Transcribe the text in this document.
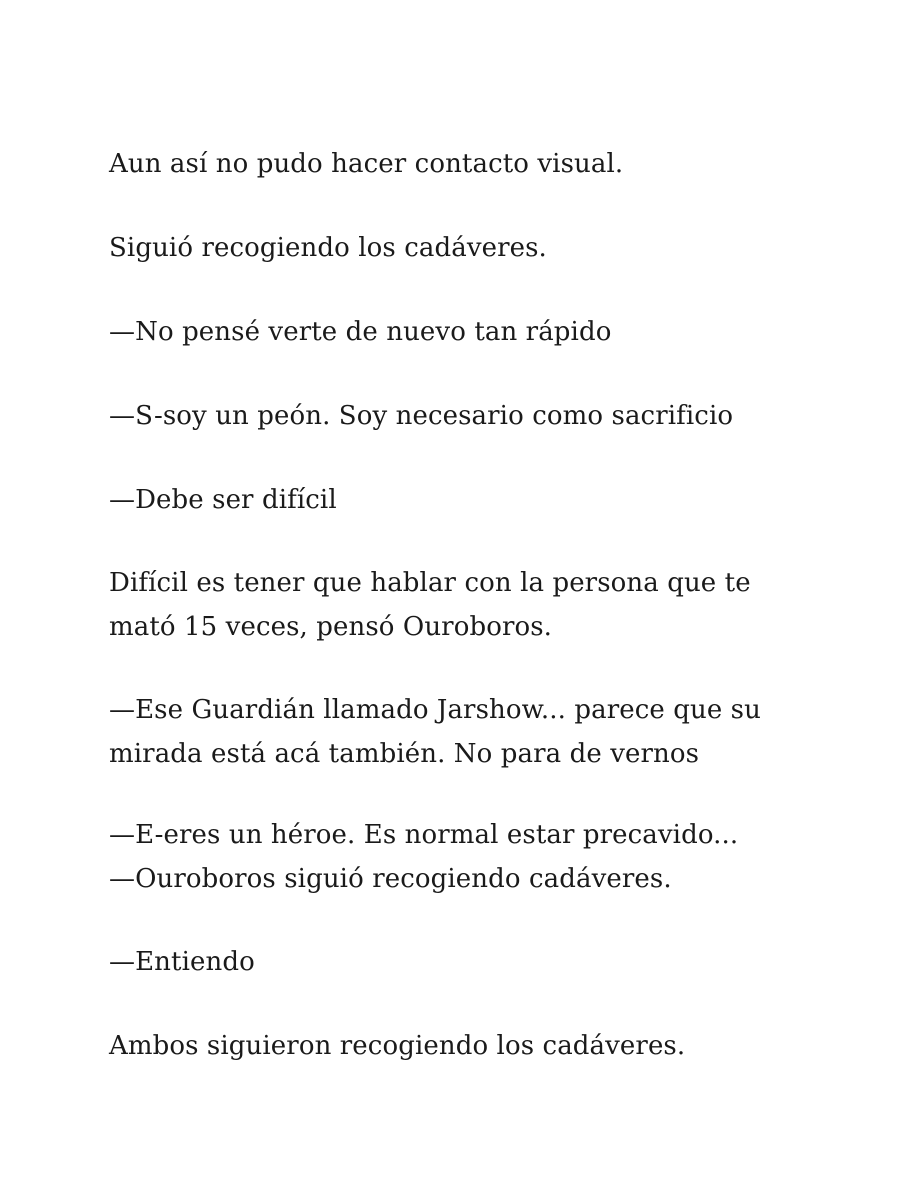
Aun así no pudo hacer contacto visual.

Siguió recogiendo los cadáveres.

—No pensé verte de nuevo tan rápido

—S-soy un peón. Soy necesario como sacrificio

—Debe ser difícil

Difícil es tener que hablar con la persona que te
mató 15 veces, pensó Ouroboros.

—Ese Guardián llamado Jarshow... parece que su
mirada está acá también. No para de vernos

—E-eres un héroe. Es normal estar precavido...
—Ouroboros siguió recogiendo cadáveres.

—Entiendo

Ambos siguieron recogiendo los cadáveres.
